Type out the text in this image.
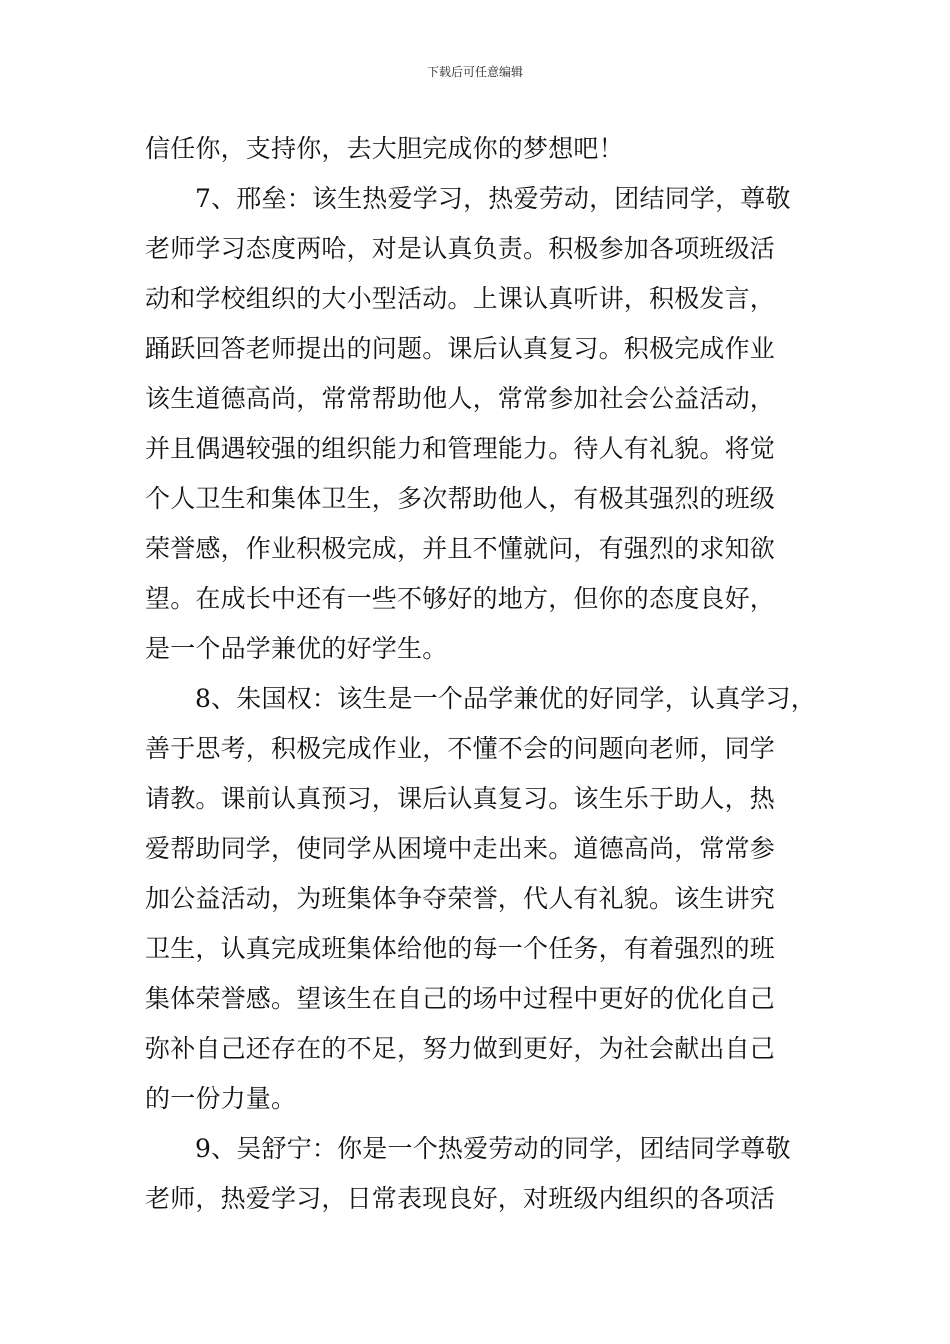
下载后可任意编辑
信任你，支持你，去大胆完成你的梦想吧！
7、邢垒：该生热爱学习，热爱劳动，团结同学，尊敬
老师学习态度两哈，对是认真负责。积极参加各项班级活
动和学校组织的大小型活动。上课认真听讲，积极发言，
踊跃回答老师提出的问题。课后认真复习。积极完成作业
该生道德高尚，常常帮助他人，常常参加社会公益活动，
并且偶遇较强的组织能力和管理能力。待人有礼貌。将觉
个人卫生和集体卫生，多次帮助他人，有极其强烈的班级
荣誉感，作业积极完成，并且不懂就问，有强烈的求知欲
望。在成长中还有一些不够好的地方，但你的态度良好，
是一个品学兼优的好学生。
8、朱国权：该生是一个品学兼优的好同学，认真学习，
善于思考，积极完成作业，不懂不会的问题向老师，同学
请教。课前认真预习，课后认真复习。该生乐于助人，热
爱帮助同学，使同学从困境中走出来。道德高尚，常常参
加公益活动，为班集体争夺荣誉，代人有礼貌。该生讲究
卫生，认真完成班集体给他的每一个任务，有着强烈的班
集体荣誉感。望该生在自己的场中过程中更好的优化自己
弥补自己还存在的不足，努力做到更好，为社会献出自己
的一份力量。
9、吴舒宁：你是一个热爱劳动的同学，团结同学尊敬
老师，热爱学习，日常表现良好，对班级内组织的各项活
